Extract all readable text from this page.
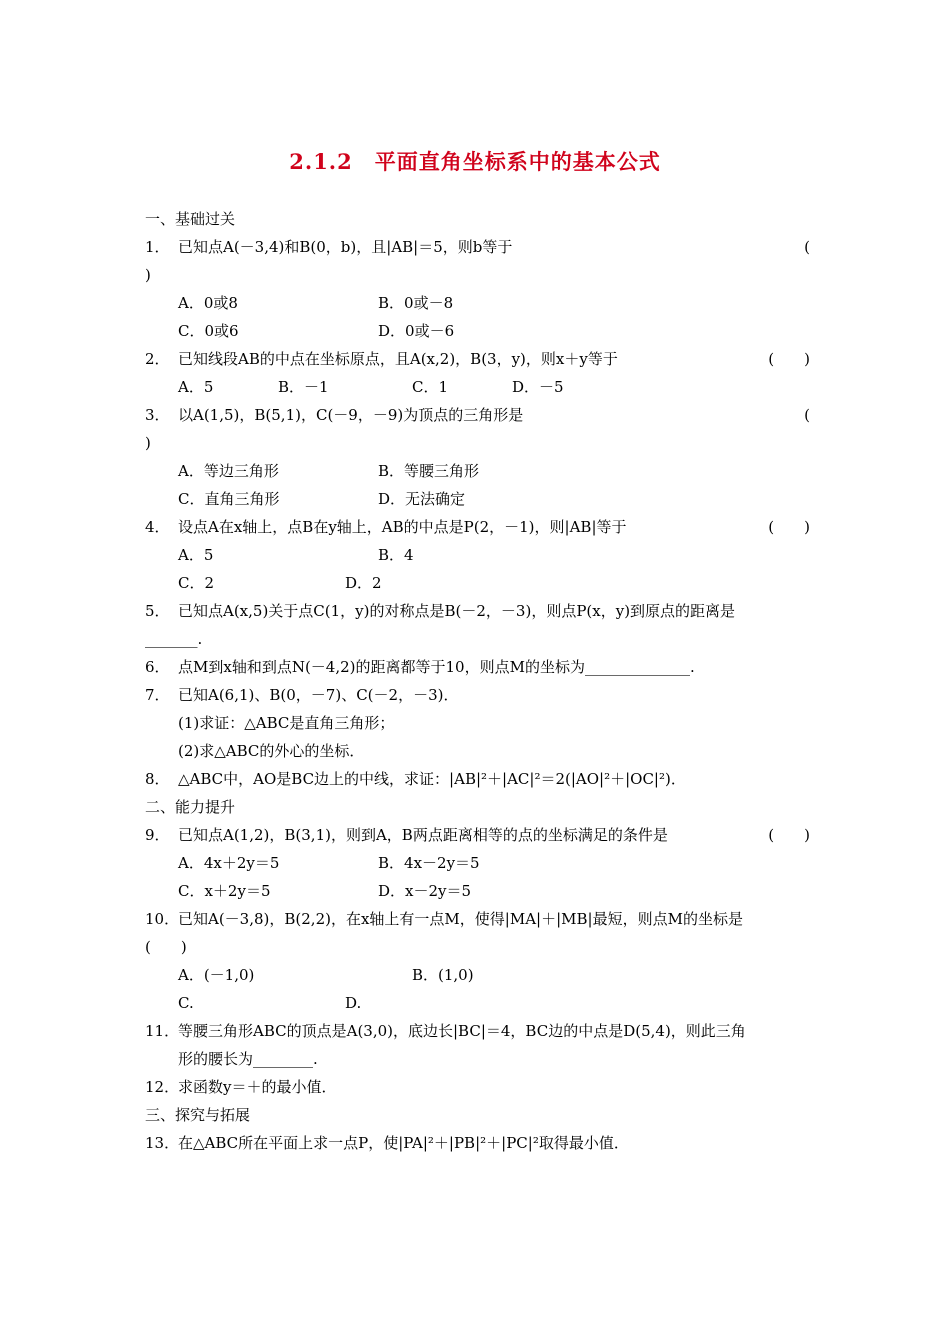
2.1.2　平面直角坐标系中的基本公式
一、基础过关
1． 已知点A(－3,4)和B(0，b)，且|AB|＝5，则b等于	(
)
A．0或8	B．0或－8
C．0或6	D．0或－6
2． 已知线段AB的中点在坐标原点，且A(x,2)，B(3，y)，则x＋y等于	(　　)
A．5	B．－1	C．1	D．－5
3． 以A(1,5)，B(5,1)，C(－9，－9)为顶点的三角形是	(
)
A．等边三角形	B．等腰三角形
C．直角三角形	D．无法确定
4． 设点A在x轴上，点B在y轴上，AB的中点是P(2，－1)，则|AB|等于	(　　)
A．5	B．4
C．2	D．2
5． 已知点A(x,5)关于点C(1，y)的对称点是B(－2，－3)，则点P(x，y)到原点的距离是
_______.
6． 点M到x轴和到点N(－4,2)的距离都等于10，则点M的坐标为______________.
7． 已知A(6,1)、B(0，－7)、C(－2，－3)．
(1)求证：△ABC是直角三角形；
(2)求△ABC的外心的坐标．
8． △ABC中，AO是BC边上的中线，求证：|AB|²＋|AC|²＝2(|AO|²＋|OC|²)．
二、能力提升
9． 已知点A(1,2)，B(3,1)，则到A，B两点距离相等的点的坐标满足的条件是	(　　)
A．4x＋2y＝5	B．4x－2y＝5
C．x＋2y＝5	D．x－2y＝5
10．已知A(－3,8)，B(2,2)，在x轴上有一点M，使得|MA|＋|MB|最短，则点M的坐标是
(　　)
A．(－1,0)	B．(1,0)
C.	D.
11．等腰三角形ABC的顶点是A(3,0)，底边长|BC|＝4，BC边的中点是D(5,4)，则此三角
形的腰长为________.
12．求函数y＝＋的最小值．
三、探究与拓展
13．在△ABC所在平面上求一点P，使|PA|²＋|PB|²＋|PC|²取得最小值．
